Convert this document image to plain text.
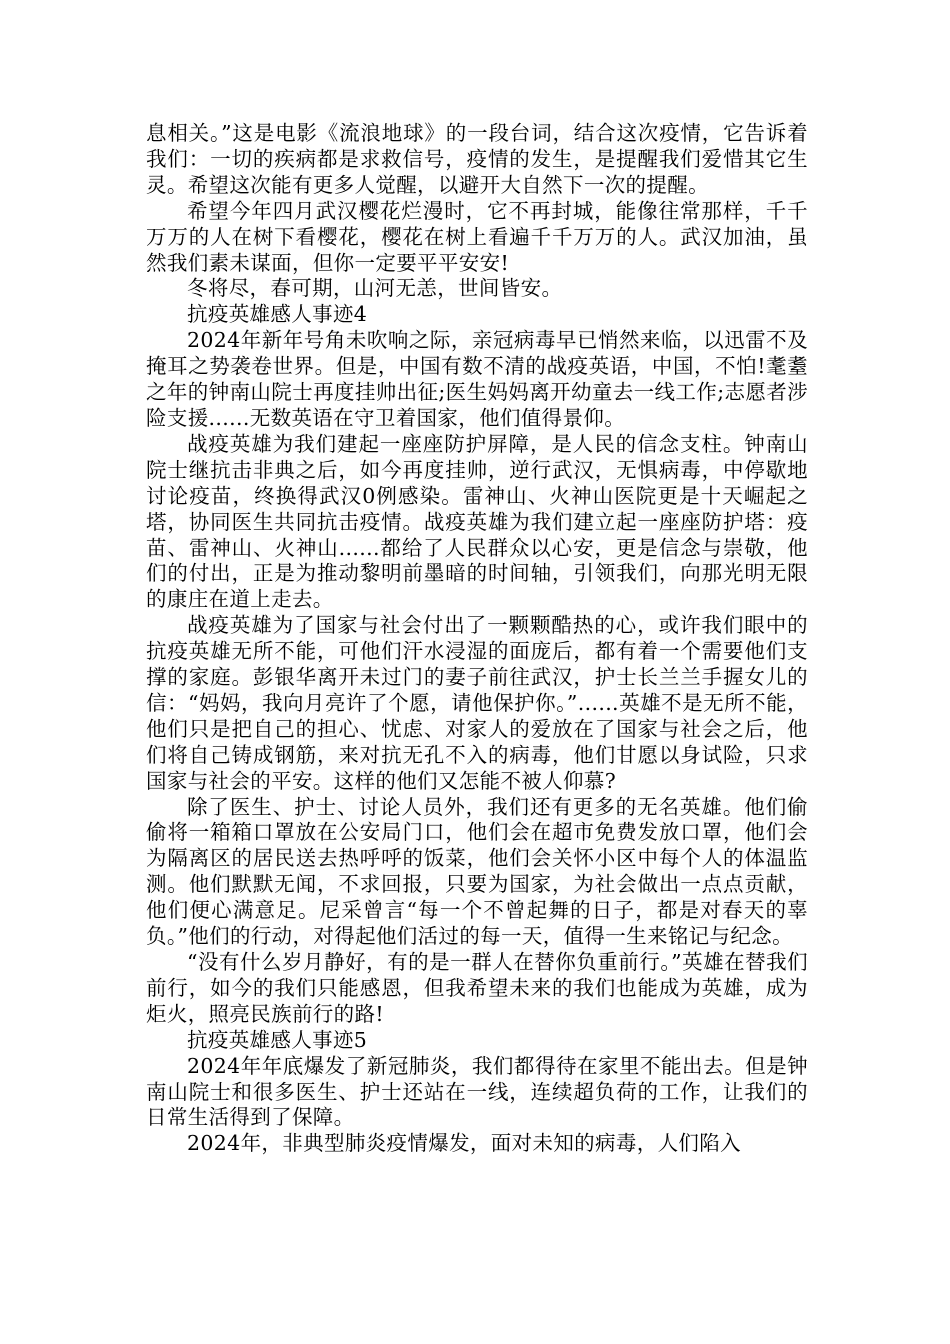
息相关。”这是电影《流浪地球》的一段台词，结合这次疫情，它告诉着我们：一切的疾病都是求救信号，疫情的发生，是提醒我们爱惜其它生灵。希望这次能有更多人觉醒，以避开大自然下一次的提醒。

希望今年四月武汉樱花烂漫时，它不再封城，能像往常那样，千千万万的人在树下看樱花，樱花在树上看遍千千万万的人。武汉加油，虽然我们素未谋面，但你一定要平平安安!

冬将尽，春可期，山河无恙，世间皆安。

抗疫英雄感人事迹4

2024年新年号角未吹响之际，亲冠病毒早已悄然来临，以迅雷不及掩耳之势袭卷世界。但是，中国有数不清的战疫英语，中国，不怕!耄耋之年的钟南山院士再度挂帅出征;医生妈妈离开幼童去一线工作;志愿者涉险支援......无数英语在守卫着国家，他们值得景仰。

战疫英雄为我们建起一座座防护屏障，是人民的信念支柱。钟南山院士继抗击非典之后，如今再度挂帅，逆行武汉，无惧病毒，中停歇地讨论疫苗，终换得武汉0例感染。雷神山、火神山医院更是十天崛起之塔，协同医生共同抗击疫情。战疫英雄为我们建立起一座座防护塔：疫苗、雷神山、火神山......都给了人民群众以心安，更是信念与崇敬，他们的付出，正是为推动黎明前墨暗的时间轴，引领我们，向那光明无限的康庄在道上走去。

战疫英雄为了国家与社会付出了一颗颗酷热的心，或许我们眼中的抗疫英雄无所不能，可他们汗水浸湿的面庞后，都有着一个需要他们支撑的家庭。彭银华离开未过门的妻子前往武汉，护士长兰兰手握女儿的信：“妈妈，我向月亮许了个愿，请他保护你。”......英雄不是无所不能，他们只是把自己的担心、忧虑、对家人的爱放在了国家与社会之后，他们将自己铸成钢筋，来对抗无孔不入的病毒，他们甘愿以身试险，只求国家与社会的平安。这样的他们又怎能不被人仰慕?

除了医生、护士、讨论人员外，我们还有更多的无名英雄。他们偷偷将一箱箱口罩放在公安局门口，他们会在超市免费发放口罩，他们会为隔离区的居民送去热呼呼的饭菜，他们会关怀小区中每个人的体温监测。他们默默无闻，不求回报，只要为国家，为社会做出一点点贡献，他们便心满意足。尼采曾言“每一个不曾起舞的日子，都是对春天的辜负。”他们的行动，对得起他们活过的每一天，值得一生来铭记与纪念。

“没有什么岁月静好，有的是一群人在替你负重前行。”英雄在替我们前行，如今的我们只能感恩，但我希望未来的我们也能成为英雄，成为炬火，照亮民族前行的路!

抗疫英雄感人事迹5

2024年年底爆发了新冠肺炎，我们都得待在家里不能出去。但是钟南山院士和很多医生、护士还站在一线，连续超负荷的工作，让我们的日常生活得到了保障。

2024年，非典型肺炎疫情爆发，面对未知的病毒，人们陷入
